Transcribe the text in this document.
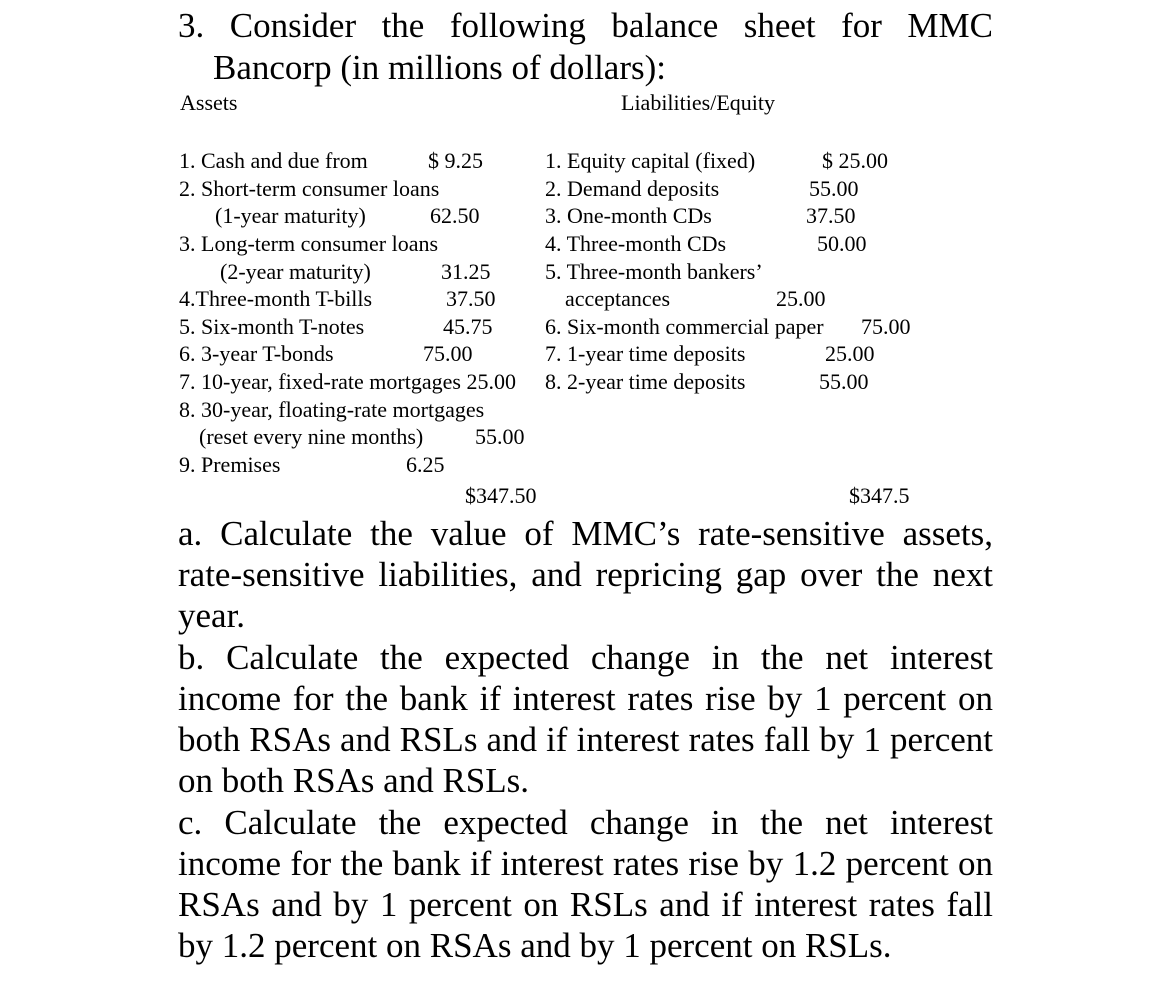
3. Consider the following balance sheet for MMC
Bancorp (in millions of dollars):
Assets	Liabilities/Equity
1. Cash and due from	$ 9.25
2. Short-term consumer loans
(1-year maturity)	62.50
3. Long-term consumer loans
(2-year maturity)	31.25
4.Three-month T-bills	37.50
5. Six-month T-notes	45.75
6. 3-year T-bonds	75.00
7. 10-year, fixed-rate mortgages 25.00
8. 30-year, floating-rate mortgages
(reset every nine months) 55.00
9. Premises	6.25
1. Equity capital (fixed)	$ 25.00
2. Demand deposits	55.00
3. One-month CDs	37.50
4. Three-month CDs	50.00
5. Three-month bankers’
acceptances	25.00
6. Six-month commercial paper 75.00
7. 1-year time deposits	25.00
8. 2-year time deposits	55.00
$347.50	$347.5
a. Calculate the value of MMC’s rate-sensitive assets, rate-sensitive liabilities, and repricing gap over the next year.
b. Calculate the expected change in the net interest income for the bank if interest rates rise by 1 percent on both RSAs and RSLs and if interest rates fall by 1 percent on both RSAs and RSLs.
c. Calculate the expected change in the net interest income for the bank if interest rates rise by 1.2 percent on RSAs and by 1 percent on RSLs and if interest rates fall by 1.2 percent on RSAs and by 1 percent on RSLs.
